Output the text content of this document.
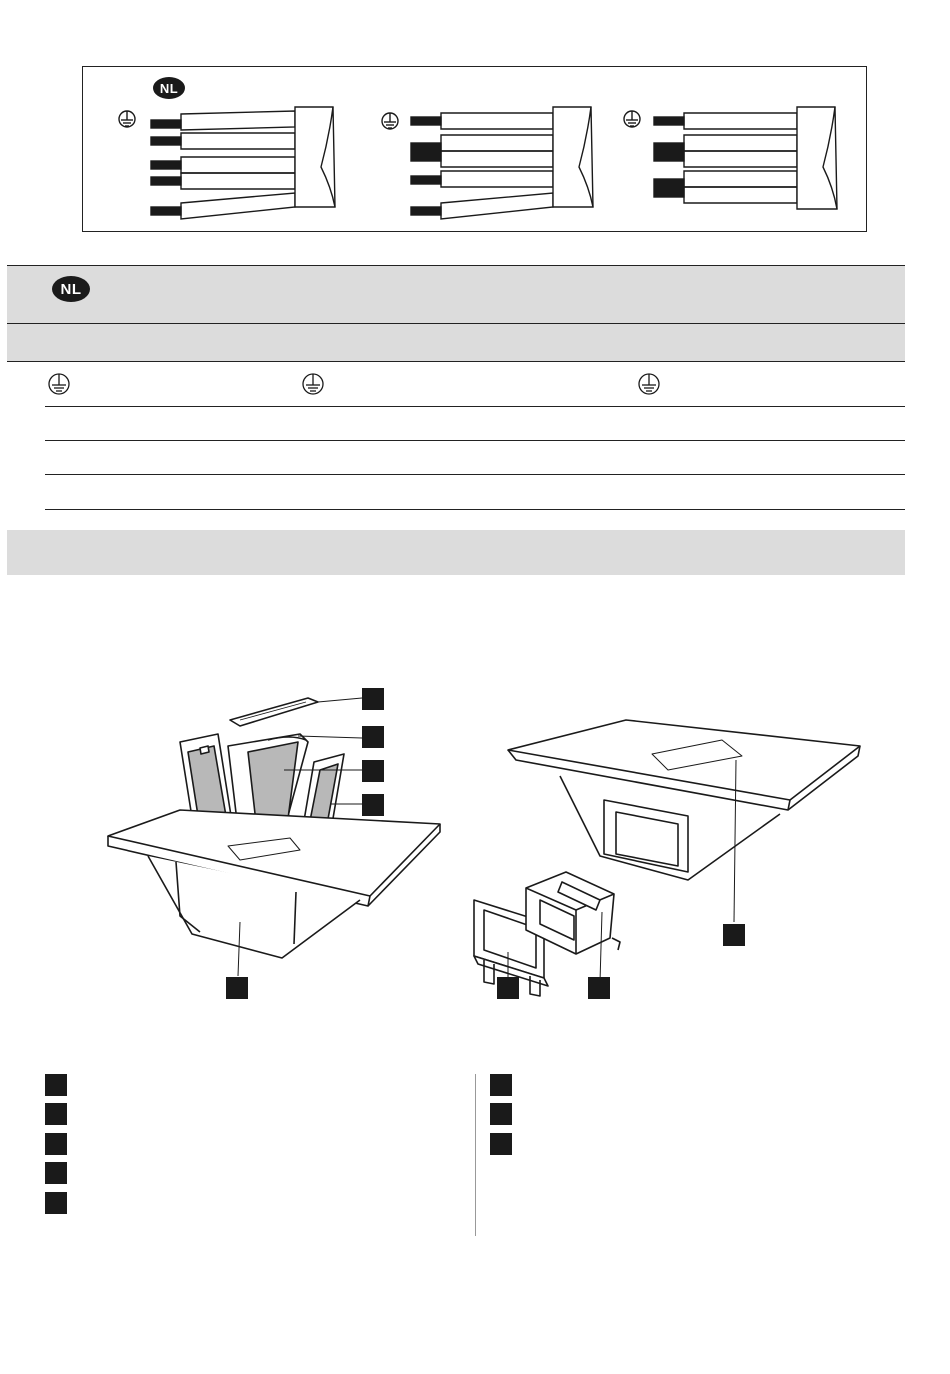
NL
NL
